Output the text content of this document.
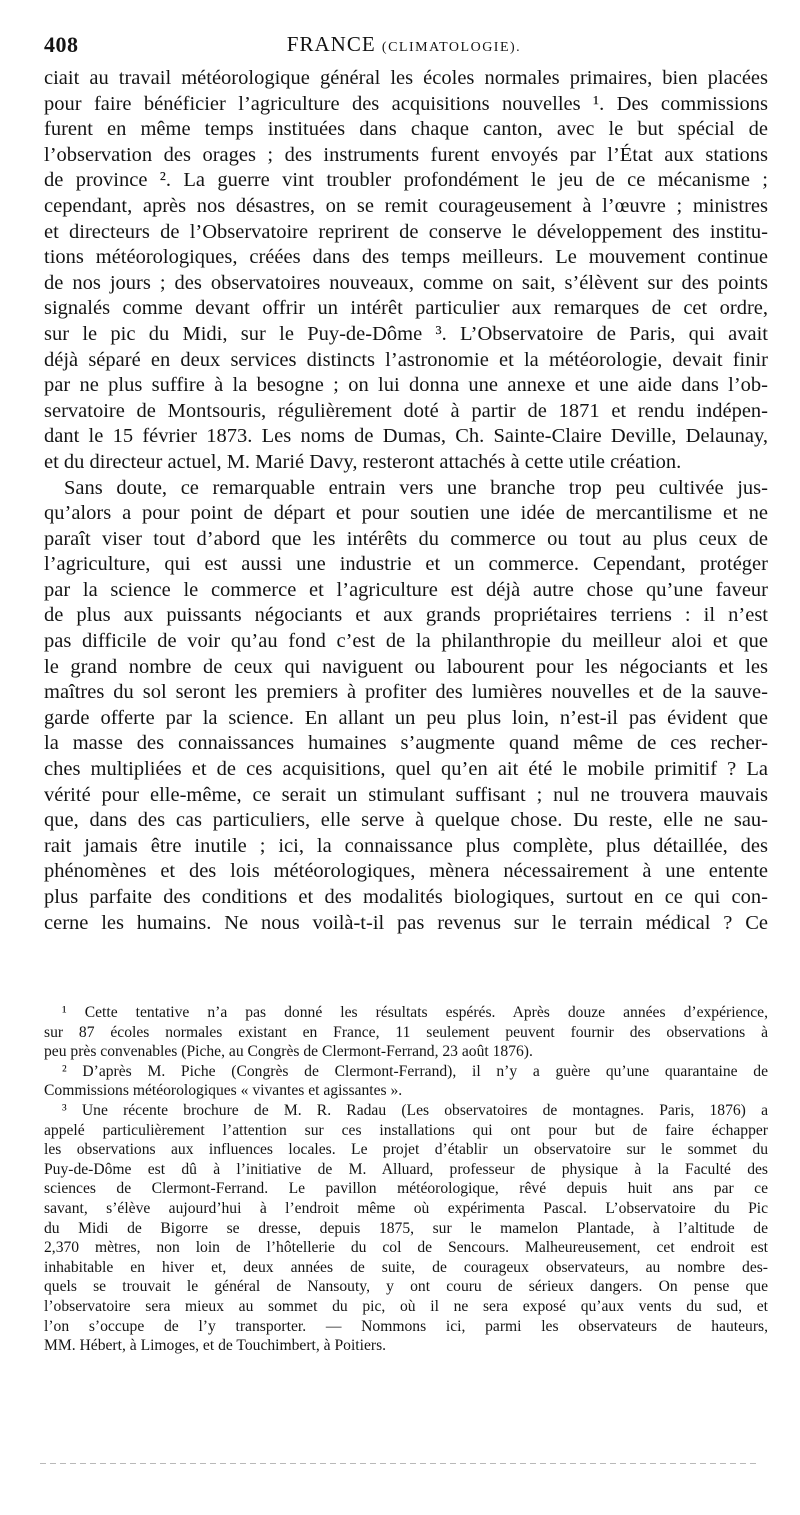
408	FRANCE (CLIMATOLOGIE).
ciait au travail météorologique général les écoles normales primaires, bien placées
pour faire bénéficier l’agriculture des acquisitions nouvelles ¹. Des commissions
furent en même temps instituées dans chaque canton, avec le but spécial de
l’observation des orages ; des instruments furent envoyés par l’État aux stations
de province ². La guerre vint troubler profondément le jeu de ce mécanisme ;
cependant, après nos désastres, on se remit courageusement à l’œuvre ; ministres
et directeurs de l’Observatoire reprirent de conserve le développement des institu-
tions météorologiques, créées dans des temps meilleurs. Le mouvement continue
de nos jours ; des observatoires nouveaux, comme on sait, s’élèvent sur des points
signalés comme devant offrir un intérêt particulier aux remarques de cet ordre,
sur le pic du Midi, sur le Puy-de-Dôme ³. L’Observatoire de Paris, qui avait
déjà séparé en deux services distincts l’astronomie et la météorologie, devait finir
par ne plus suffire à la besogne ; on lui donna une annexe et une aide dans l’ob-
servatoire de Montsouris, régulièrement doté à partir de 1871 et rendu indépen-
dant le 15 février 1873. Les noms de Dumas, Ch. Sainte-Claire Deville, Delaunay,
et du directeur actuel, M. Marié Davy, resteront attachés à cette utile création.
Sans doute, ce remarquable entrain vers une branche trop peu cultivée jus-
qu’alors a pour point de départ et pour soutien une idée de mercantilisme et ne
paraît viser tout d’abord que les intérêts du commerce ou tout au plus ceux de
l’agriculture, qui est aussi une industrie et un commerce. Cependant, protéger
par la science le commerce et l’agriculture est déjà autre chose qu’une faveur
de plus aux puissants négociants et aux grands propriétaires terriens : il n’est
pas difficile de voir qu’au fond c’est de la philanthropie du meilleur aloi et que
le grand nombre de ceux qui naviguent ou labourent pour les négociants et les
maîtres du sol seront les premiers à profiter des lumières nouvelles et de la sauve-
garde offerte par la science. En allant un peu plus loin, n’est-il pas évident que
la masse des connaissances humaines s’augmente quand même de ces recher-
ches multipliées et de ces acquisitions, quel qu’en ait été le mobile primitif ? La
vérité pour elle-même, ce serait un stimulant suffisant ; nul ne trouvera mauvais
que, dans des cas particuliers, elle serve à quelque chose. Du reste, elle ne sau-
rait jamais être inutile ; ici, la connaissance plus complète, plus détaillée, des
phénomènes et des lois météorologiques, mènera nécessairement à une entente
plus parfaite des conditions et des modalités biologiques, surtout en ce qui con-
cerne les humains. Ne nous voilà-t-il pas revenus sur le terrain médical ? Ce
¹ Cette tentative n’a pas donné les résultats espérés. Après douze années d’expérience,
sur 87 écoles normales existant en France, 11 seulement peuvent fournir des observations à
peu près convenables (Piche, au Congrès de Clermont-Ferrand, 23 août 1876).
² D’après M. Piche (Congrès de Clermont-Ferrand), il n’y a guère qu’une quarantaine de
Commissions météorologiques « vivantes et agissantes ».
³ Une récente brochure de M. R. Radau (Les observatoires de montagnes. Paris, 1876) a
appelé particulièrement l’attention sur ces installations qui ont pour but de faire échapper
les observations aux influences locales. Le projet d’établir un observatoire sur le sommet du
Puy-de-Dôme est dû à l’initiative de M. Alluard, professeur de physique à la Faculté des
sciences de Clermont-Ferrand. Le pavillon météorologique, rêvé depuis huit ans par ce
savant, s’élève aujourd’hui à l’endroit même où expérimenta Pascal. L’observatoire du Pic
du Midi de Bigorre se dresse, depuis 1875, sur le mamelon Plantade, à l’altitude de
2,370 mètres, non loin de l’hôtellerie du col de Sencours. Malheureusement, cet endroit est
inhabitable en hiver et, deux années de suite, de courageux observateurs, au nombre des-
quels se trouvait le général de Nansouty, y ont couru de sérieux dangers. On pense que
l’observatoire sera mieux au sommet du pic, où il ne sera exposé qu’aux vents du sud, et
l’on s’occupe de l’y transporter. — Nommons ici, parmi les observateurs de hauteurs,
MM. Hébert, à Limoges, et de Touchimbert, à Poitiers.
